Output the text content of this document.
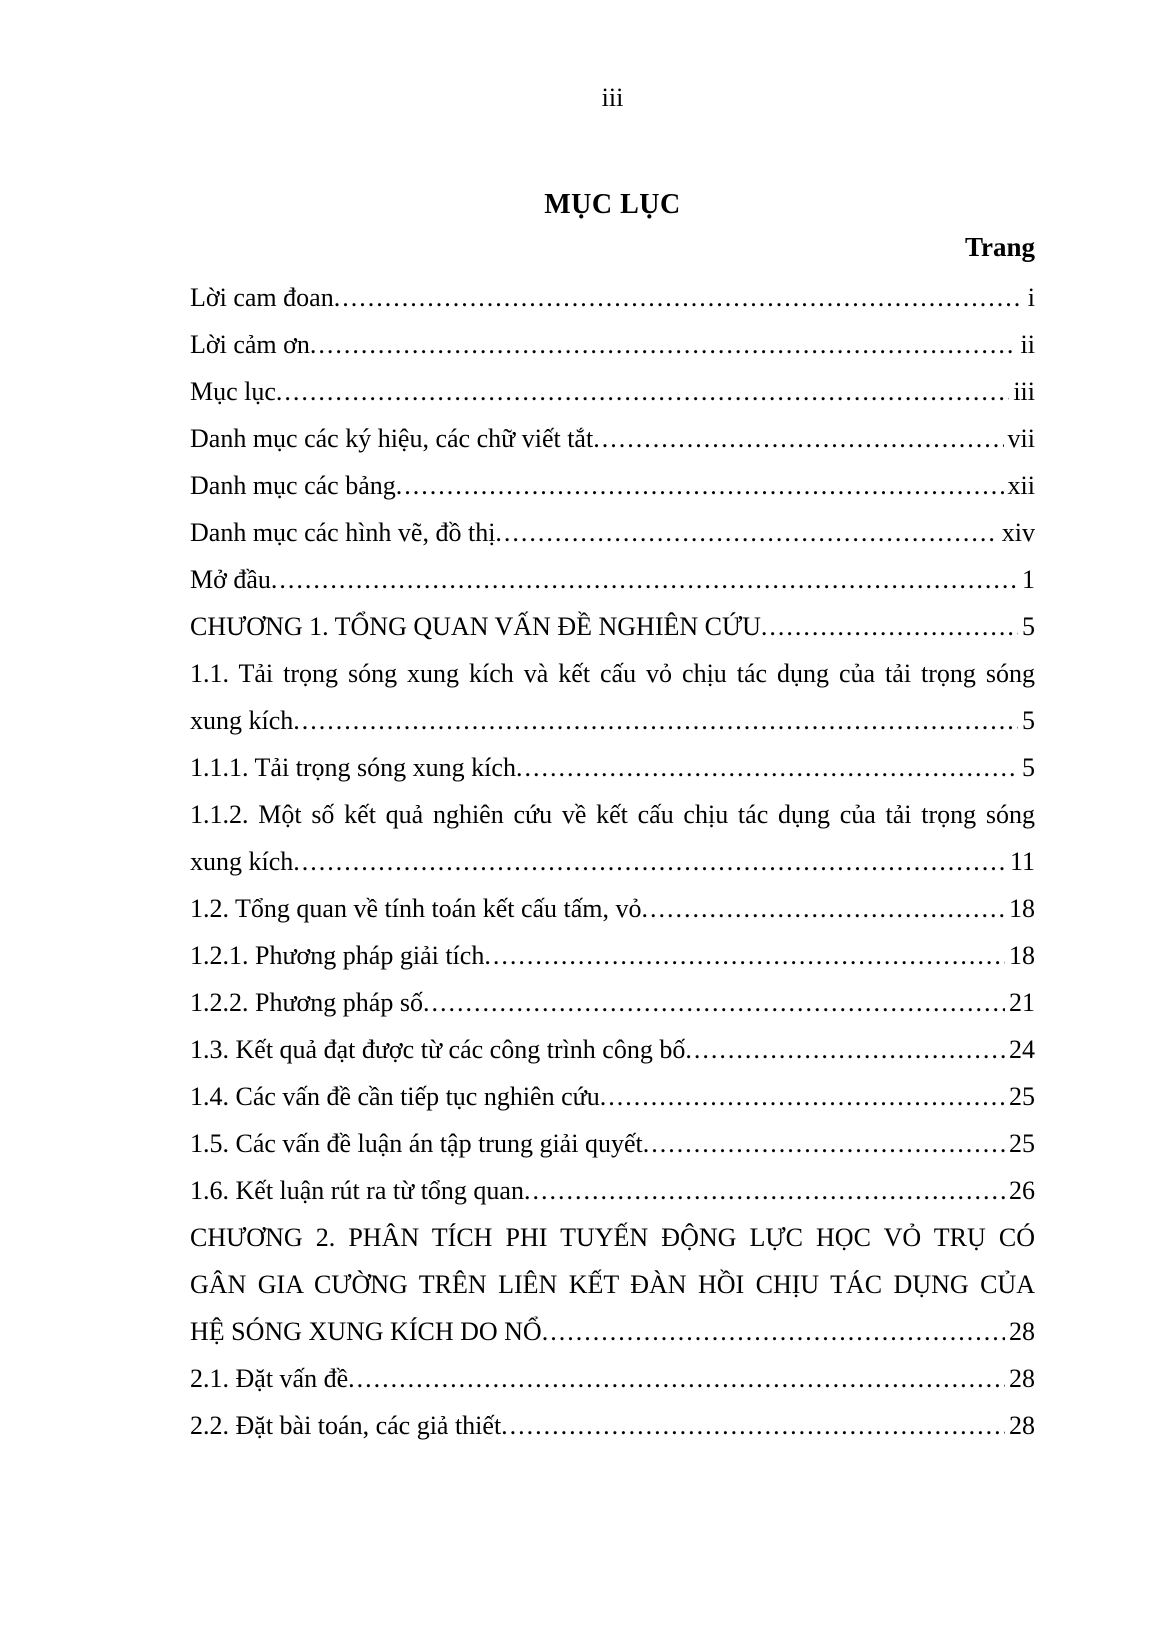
iii
MỤC LỤC
Trang
Lời cam đoan .....	i
Lời cảm ơn .....	ii
Mục lục .....	iii
Danh mục các ký hiệu, các chữ viết tắt .....	vii
Danh mục các bảng .....	xii
Danh mục các hình vẽ, đồ thị .....	xiv
Mở đầu .....	1
CHƯƠNG 1. TỔNG QUAN VẤN ĐỀ NGHIÊN CỨU .....	5
1.1. Tải trọng sóng xung kích và kết cấu vỏ chịu tác dụng của tải trọng sóng
xung kích .....	5
1.1.1. Tải trọng sóng xung kích .....	5
1.1.2. Một số kết quả nghiên cứu về kết cấu chịu tác dụng của tải trọng sóng
xung kích .....	11
1.2. Tổng quan về tính toán kết cấu tấm, vỏ .....	18
1.2.1. Phương pháp giải tích .....	18
1.2.2. Phương pháp số .....	21
1.3. Kết quả đạt được từ các công trình công bố .....	24
1.4. Các vấn đề cần tiếp tục nghiên cứu .....	25
1.5. Các vấn đề luận án tập trung giải quyết .....	25
1.6. Kết luận rút ra từ tổng quan .....	26
CHƯƠNG 2. PHÂN TÍCH PHI TUYẾN ĐỘNG LỰC HỌC VỎ TRỤ CÓ
GÂN GIA CƯỜNG TRÊN LIÊN KẾT ĐÀN HỒI CHỊU TÁC DỤNG CỦA
HỆ SÓNG XUNG KÍCH DO NỔ .....	28
2.1. Đặt vấn đề .....	28
2.2. Đặt bài toán, các giả thiết .....	28
